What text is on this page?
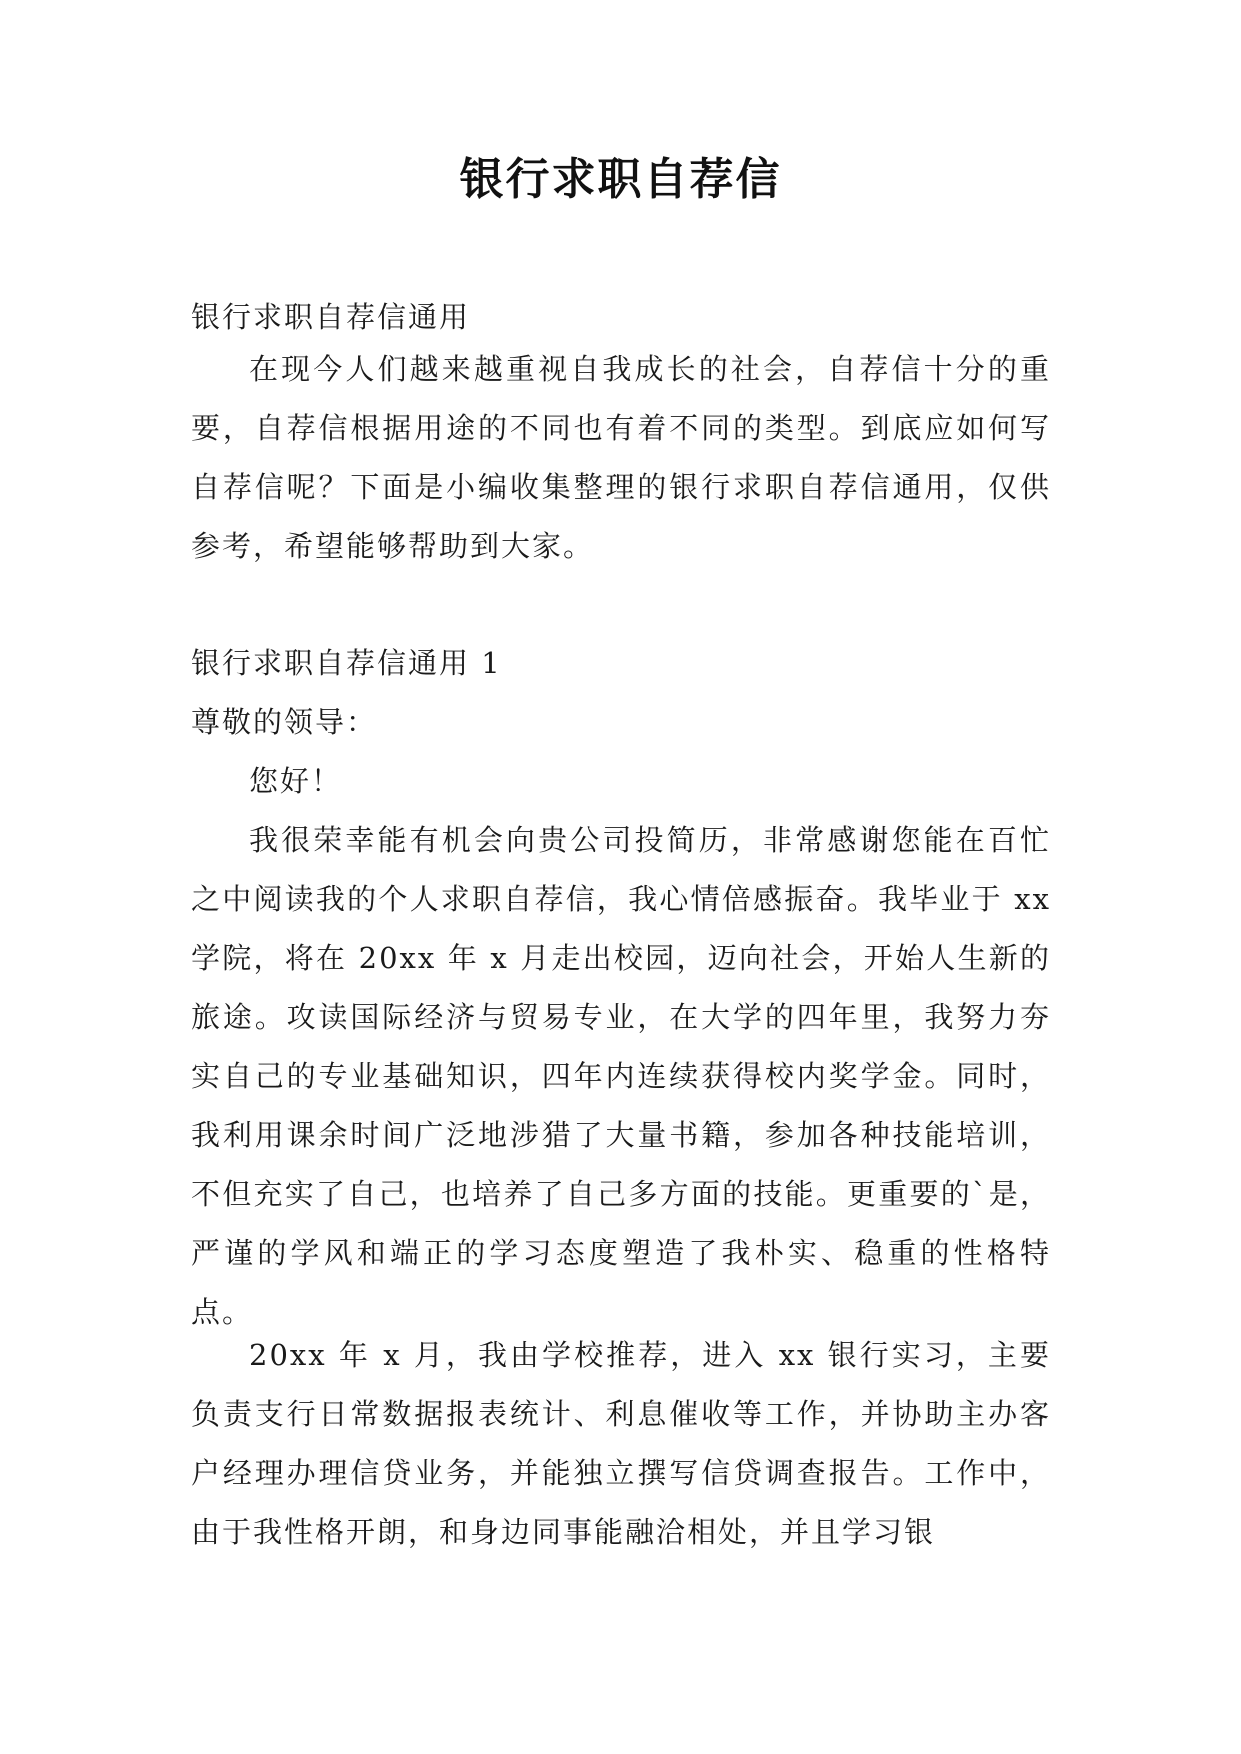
银行求职自荐信

银行求职自荐信通用

在现今人们越来越重视自我成长的社会，自荐信十分的重要，自荐信根据用途的不同也有着不同的类型。到底应如何写自荐信呢？下面是小编收集整理的银行求职自荐信通用，仅供参考，希望能够帮助到大家。

银行求职自荐信通用 1

尊敬的领导：

您好！

我很荣幸能有机会向贵公司投简历，非常感谢您能在百忙之中阅读我的个人求职自荐信，我心情倍感振奋。我毕业于 xx 学院，将在 20xx 年 x 月走出校园，迈向社会，开始人生新的旅途。攻读国际经济与贸易专业，在大学的四年里，我努力夯实自己的专业基础知识，四年内连续获得校内奖学金。同时，我利用课余时间广泛地涉猎了大量书籍，参加各种技能培训，不但充实了自己，也培养了自己多方面的技能。更重要的`是，严谨的学风和端正的学习态度塑造了我朴实、稳重的性格特点。

20xx 年 x 月，我由学校推荐，进入 xx 银行实习，主要负责支行日常数据报表统计、利息催收等工作，并协助主办客户经理办理信贷业务，并能独立撰写信贷调查报告。工作中，由于我性格开朗，和身边同事能融洽相处，并且学习银
